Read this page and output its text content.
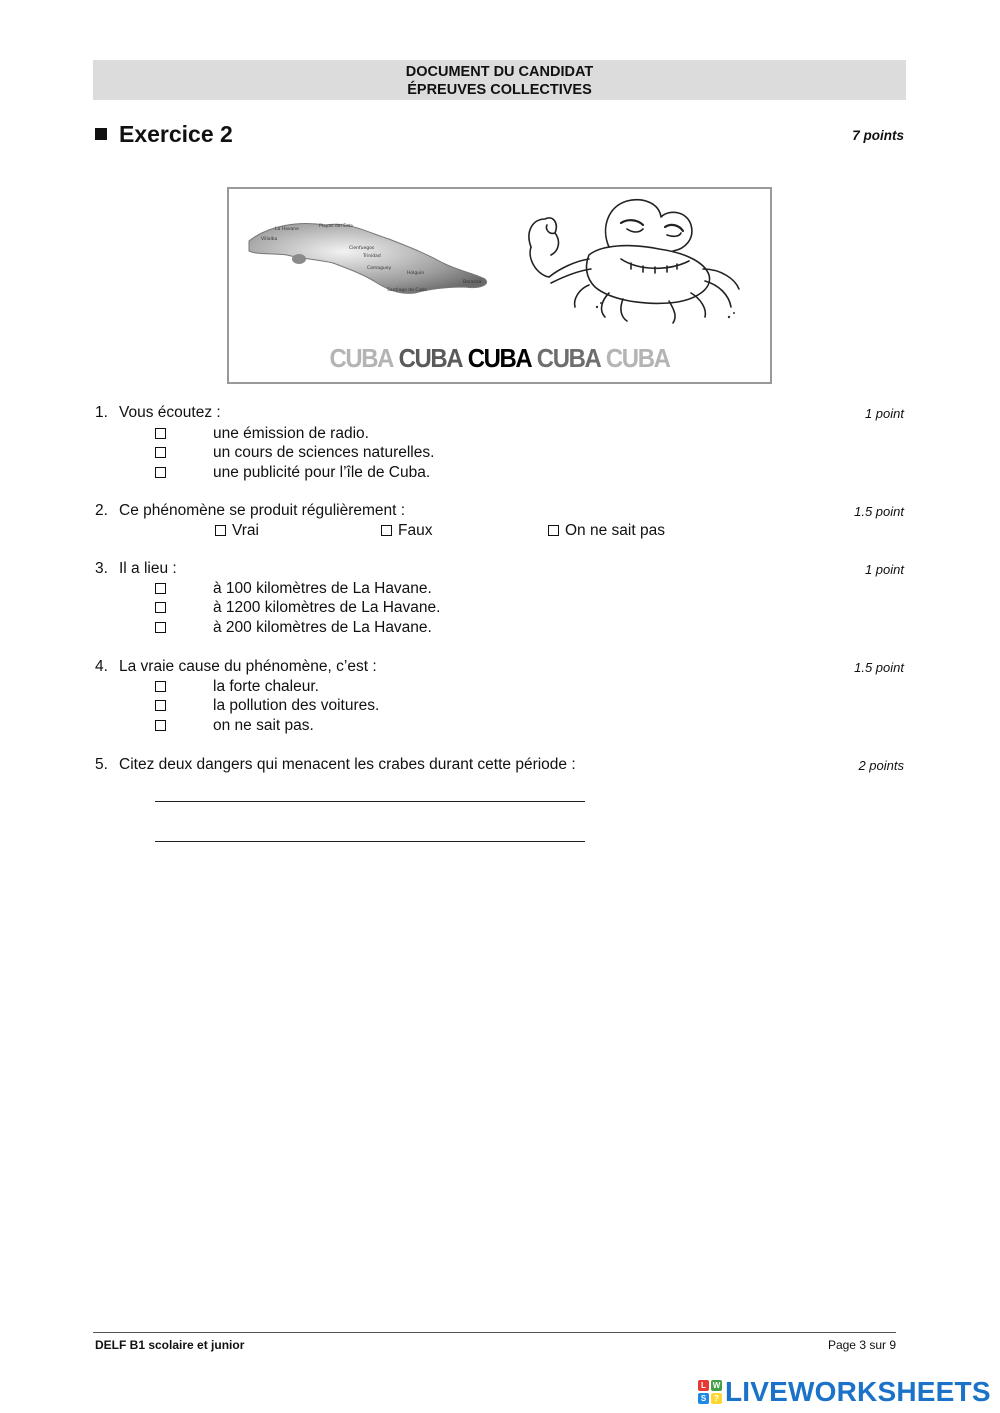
DOCUMENT DU CANDIDAT
ÉPREUVES COLLECTIVES
Exercice 2	7 points
La Havane
Playas del Este
Villalba
Cienfuegos
Trinidad
Camaguey
Holguin
Baracoa
Santiago de Cuba
CUBA CUBA CUBA CUBA CUBA
1. Vous écoutez :	1 point
une émission de radio.
un cours de sciences naturelles.
une publicité pour l’île de Cuba.
2. Ce phénomène se produit régulièrement :	1.5 point
Vrai	Faux	On ne sait pas
3. Il a lieu :	1 point
à 100 kilomètres de La Havane.
à 1200 kilomètres de La Havane.
à 200 kilomètres de La Havane.
4. La vraie cause du phénomène, c’est :	1.5 point
la forte chaleur.
la pollution des voitures.
on ne sait pas.
5. Citez deux dangers qui menacent les crabes durant cette période :	2 points
DELF B1 scolaire et junior	Page 3 sur 9
L W
S ? LIVEWORKSHEETS
